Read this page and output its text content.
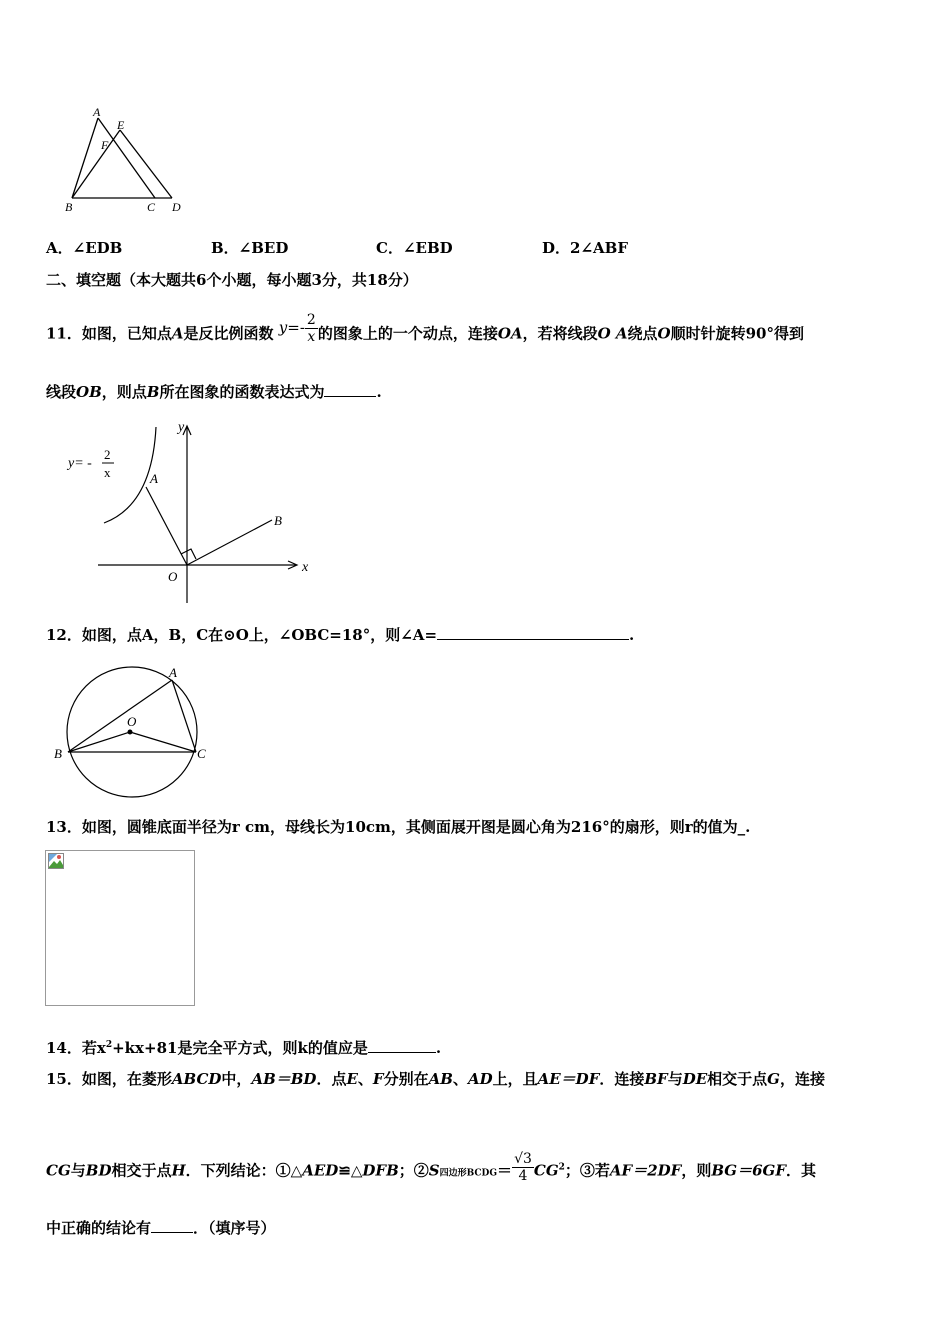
A
E
F
B	C D
A．∠EDB	B．∠BED	C．∠EBD	D．2∠ABF
二、填空题（本大题共6个小题，每小题3分，共18分）
11．如图，已知点A是反比例函数 $y=- \frac{2}{x}$ 的图象上的一个动点，连接OA，若将线段O A绕点O顺时针旋转90°得到
线段OB，则点B所在图象的函数表达式为	.
y= -
2
x
y
x
A
B
O
12．如图，点A，B，C在⊙O上，∠OBC=18°，则∠A=	.
A
O
B	C
13．如图，圆锥底面半径为r cm，母线长为10cm，其侧面展开图是圆心角为216°的扇形，则r的值为_.
14．若$x^2+kx+81$是完全平方式，则k的值应是	.
15．如图，在菱形ABCD中，AB＝BD．点E、F分别在AB、AD上，且AE＝DF．连接BF与DE相交于点G，连接
CG与BD相交于点H．下列结论：①△AED≌△DFB；②S四边形BCDG＝ $\frac{√3}{4} CG^2$；③若AF＝2DF，则BG＝6GF．其
中正确的结论有	．（填序号）
